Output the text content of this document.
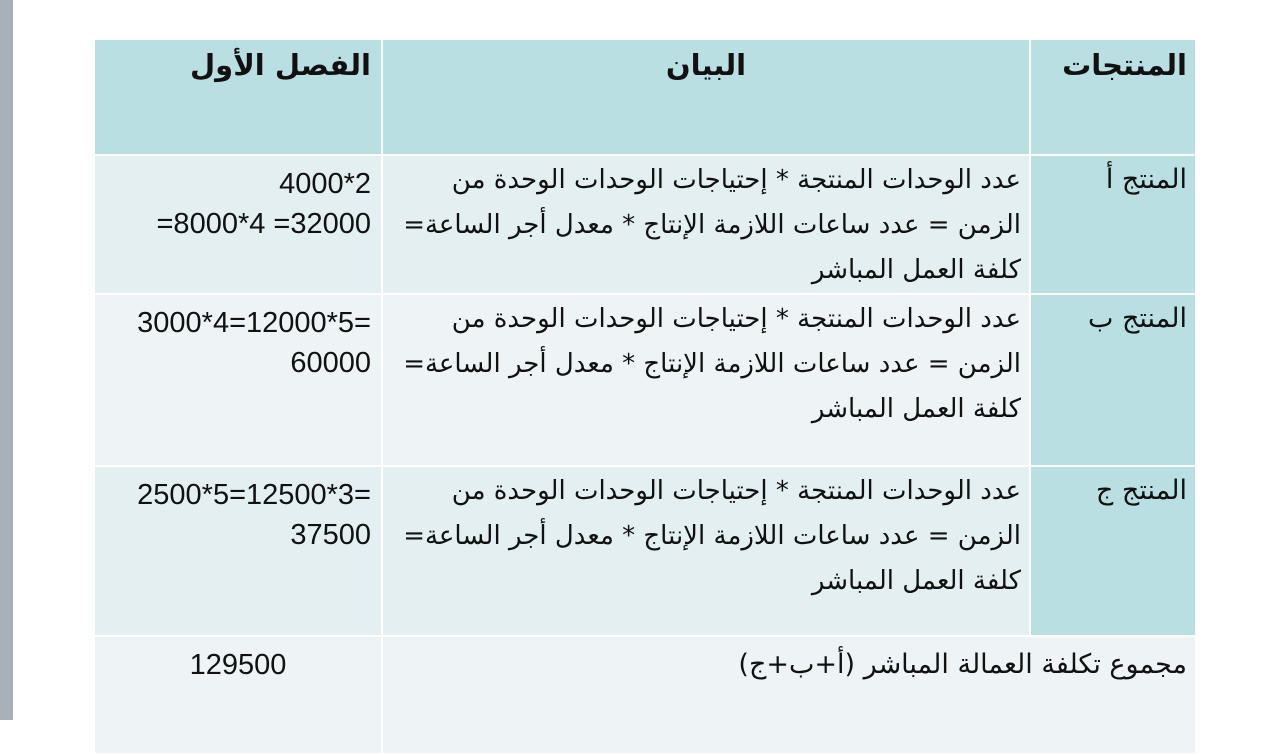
المنتجات	البيان	الفصل الأول
المنتج أ	عدد الوحدات المنتجة * إحتياجات الوحدات الوحدة من الزمن = عدد ساعات اللازمة الإنتاج * معدل أجر الساعة= كلفة العمل المباشر	4000*2
=8000*4 =32000

المنتج ب	عدد الوحدات المنتجة * إحتياجات الوحدات الوحدة من الزمن = عدد ساعات اللازمة الإنتاج * معدل أجر الساعة= كلفة العمل المباشر	3000*4=12000*5=
60000

المنتج ج	عدد الوحدات المنتجة * إحتياجات الوحدات الوحدة من الزمن = عدد ساعات اللازمة الإنتاج * معدل أجر الساعة= كلفة العمل المباشر	2500*5=12500*3=
37500

مجموع تكلفة العمالة المباشر (أ+ب+ج)		129500
